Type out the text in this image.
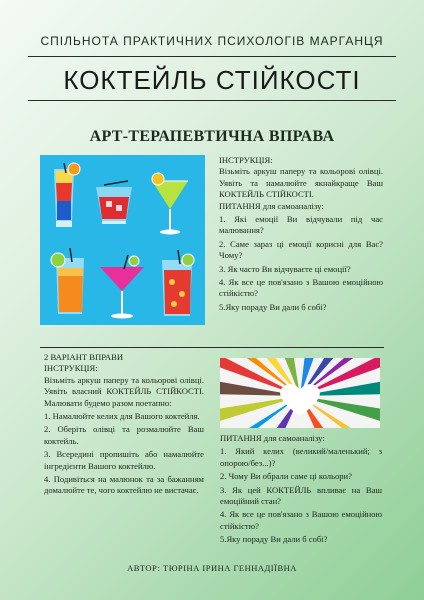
СПІЛЬНОТА ПРАКТИЧНИХ ПСИХОЛОГІВ МАРГАНЦЯ
КОКТЕЙЛЬ СТІЙКОСТІ
АРТ-ТЕРАПЕВТИЧНА ВПРАВА
ІНСТРУКЦІЯ:
Візьміть аркуш паперу та кольорові олівці. Уявіть та намалюйте якнайкраще Ваш КОКТЕЙЛЬ СТІЙКОСТІ.
ПИТАННЯ для самоаналізу:
1. Які емоції Ви відчували під час малювання?
2. Саме зараз ці емоції корисні для Вас? Чому?
3. Як часто Ви відчуваєте ці емоції?
4. Як все це пов'язано з Вашою емоційною стійкістю?
5.Яку пораду Ви дали б собі?
2 ВАРІАНТ ВПРАВИ
ІНСТРУКЦІЯ:
Візьміть аркуш паперу та кольорові олівці. Уявіть власний КОКТЕЙЛЬ СТІЙКОСТІ. Малювати будемо разом поетапно:
1. Намалюйте келих для Вашого коктейля.
2. Оберіть олівці та розмалюйте Ваш коктейль.
3. Всередині пропишіть або намалюйте інгредієнти Вашого коктейлю.
4. Подивіться на малюнок та за бажанням домалюйте те, чого коктейлю не вистачає.
ПИТАННЯ для самоаналізу:
1. Який келих (великий/маленький; з опорою/без...)?
2. Чому Ви обрали саме ці кольори?
3. Як цей КОКТЕЙЛЬ впливає на Ваш емоційний стан?
4. Як все це пов'язано з Вашою емоційною стійкістю?
5.Яку пораду Ви дали б собі?
АВТОР: ТЮРІНА ІРИНА ГЕННАДІЇВНА
